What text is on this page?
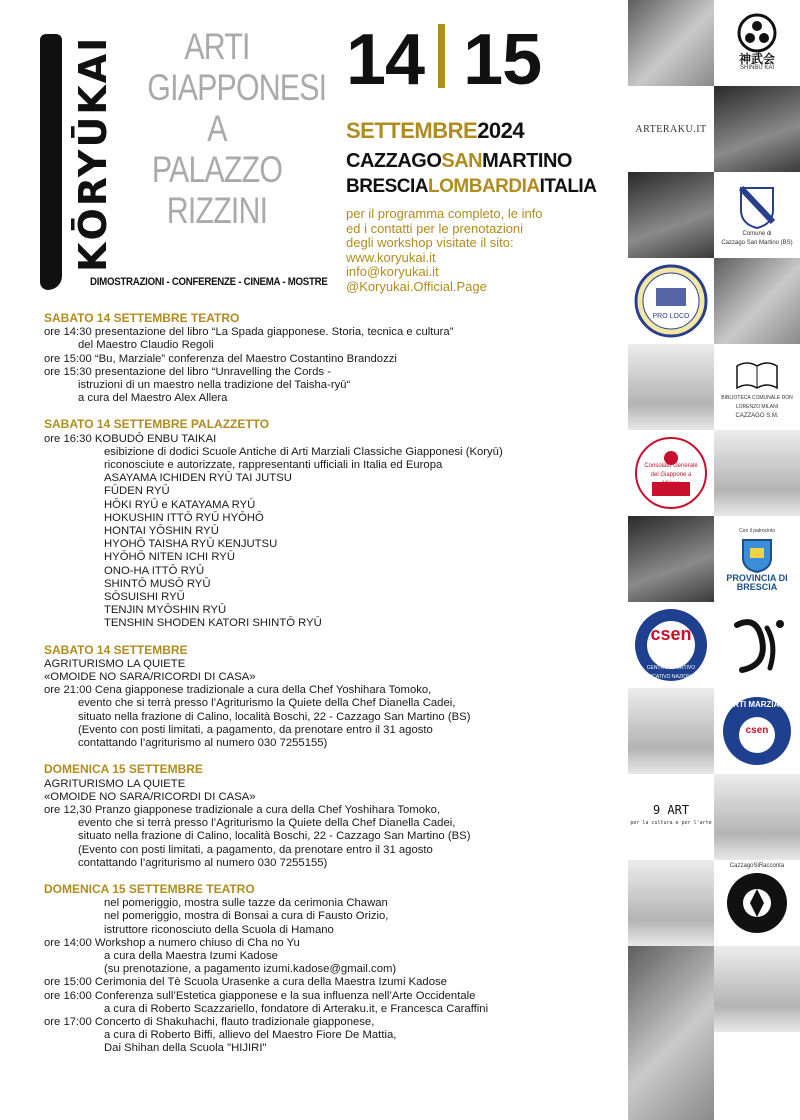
KŌRYŪKAI	ARTI
GIAPPONESI
A PALAZZO
RIZZINI
DIMOSTRAZIONI - CONFERENZE - CINEMA - MOSTRE
14 15
SETTEMBRE2024
CAZZAGOSANMARTINO
BRESCIALOMBARDIAITALIA
per il programma completo, le info
ed i contatti per le prenotazioni
degli workshop visitate il sito:
www.koryukai.it
info@koryukai.it
@Koryukai.Official.Page
SABATO 14 SETTEMBRE TEATRO
ore 14:30 presentazione del libro “La Spada giapponese. Storia, tecnica e cultura”
del Maestro Claudio Regoli
ore 15:00 “Bu, Marziale” conferenza del Maestro Costantino Brandozzi
ore 15:30 presentazione del libro “Unravelling the Cords -
istruzioni di un maestro nella tradizione del Taisha-ryū“
a cura del Maestro Alex Allera
SABATO 14 SETTEMBRE PALAZZETTO
ore 16:30 KOBUDŌ ENBU TAIKAI
esibizione di dodici Scuole Antiche di Arti Marziali Classiche Giapponesi (Koryū)
riconosciute e autorizzate, rappresentanti ufficiali in Italia ed Europa
ASAYAMA ICHIDEN RYŪ TAI JUTSU
FŪDEN RYŪ
HŌKI RYŪ e KATAYAMA RYŪ
HOKUSHIN ITTŌ RYŪ HYŌHŌ
HONTAI YŌSHIN RYŪ
HYOHŌ TAISHA RYŪ KENJUTSU
HYŌHŌ NITEN ICHI RYŪ
ONO-HA ITTŌ RYŪ
SHINTŌ MUSŌ RYŪ
SŌSUISHI RYŪ
TENJIN MYŌSHIN RYŪ
TENSHIN SHODEN KATORI SHINTŌ RYŪ
SABATO 14 SETTEMBRE
AGRITURISMO LA QUIETE
«OMOIDE NO SARA/RICORDI DI CASA»
ore 21:00 Cena giapponese tradizionale a cura della Chef Yoshihara Tomoko,
evento che si terrà presso l’Agriturismo la Quiete della Chef Dianella Cadei,
situato nella frazione di Calino, località Boschi, 22 - Cazzago San Martino (BS)
(Evento con posti limitati, a pagamento, da prenotare entro il 31 agosto
contattando l’agriturismo al numero 030 7255155)
DOMENICA 15 SETTEMBRE
AGRITURISMO LA QUIETE
«OMOIDE NO SARA/RICORDI DI CASA»
ore 12,30 Pranzo giapponese tradizionale a cura della Chef Yoshihara Tomoko,
evento che si terrà presso l’Agriturismo la Quiete della Chef Dianella Cadei,
situato nella frazione di Calino, località Boschi, 22 - Cazzago San Martino (BS)
(Evento con posti limitati, a pagamento, da prenotare entro il 31 agosto
contattando l’agriturismo al numero 030 7255155)
DOMENICA 15 SETTEMBRE TEATRO
nel pomeriggio, mostra sulle tazze da cerimonia Chawan
nel pomeriggio, mostra di Bonsai a cura di Fausto Orizio,
istruttore riconosciuto della Scuola di Hamano
ore 14:00 Workshop a numero chiuso di Cha no Yu
a cura della Maestra Izumi Kadose
(su prenotazione, a pagamento izumi.kadose@gmail.com)
ore 15:00 Cerimonia del Tè Scuola Urasenke a cura della Maestra Izumi Kadose
ore 16:00 Conferenza sull’Estetica giapponese e la sua influenza nell’Arte Occidentale
a cura di Roberto Scazzariello, fondatore di Arteraku.it, e Francesca Caraffini
ore 17:00 Concerto di Shakuhachi, flauto tradizionale giapponese,
a cura di Roberto Biffi, allievo del Maestro Fiore De Mattia,
Dai Shihan della Scuola "HIJIRI"
ARTERAKU.IT
PRO LOCO
Consolato Generale del Giappone a Milano
csen
CENTRO SPORTIVO EDUCATIVO NAZIONALE
9 ART
per la cultura e per l'arte
神武会
SHINBU KAI
Comune di
Cazzago San Martino (BS)
BIBLIOTECA COMUNALE DON LORENZO MILANI
CAZZAGO S.M.
Con il patrocinio
PROVINCIA DI BRESCIA
ARTI MARZIALI
csen
CazzagoSiRacconta
